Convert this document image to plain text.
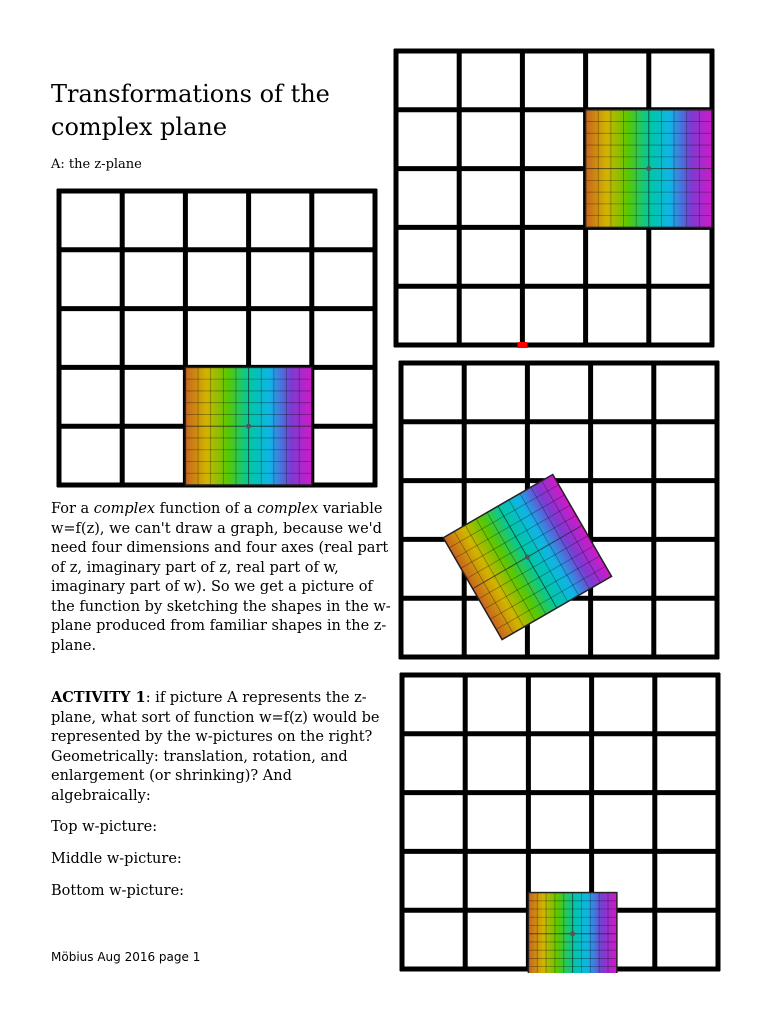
Transformations of the complex plane
A: the z-plane

For a complex function of a complex variable w=f(z), we can't draw a graph, because we'd need four dimensions and four axes (real part of z, imaginary part of z, real part of w, imaginary part of w). So we get a picture of the function by sketching the shapes in the w-plane produced from familiar shapes in the z-plane.

ACTIVITY 1: if picture A represents the z-plane, what sort of function w=f(z) would be represented by the w-pictures on the right? Geometrically: translation, rotation, and enlargement (or shrinking)? And algebraically:

Top w-picture:
Middle w-picture:
Bottom w-picture:
Möbius Aug 2016 page 1
